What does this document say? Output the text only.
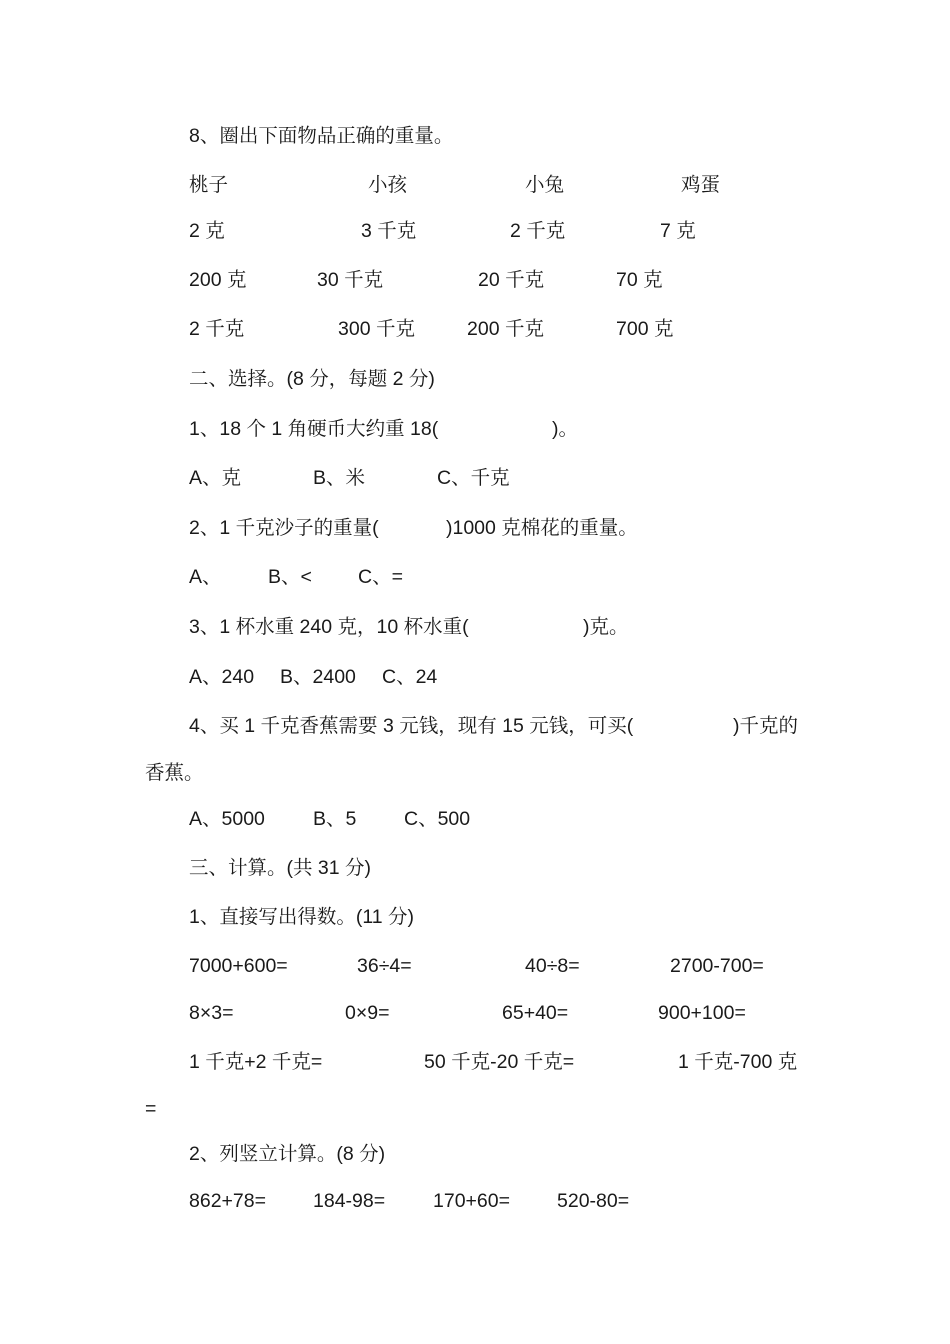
8、圈出下面物品正确的重量。
桃子	小孩	小兔	鸡蛋
2 克	3 千克	2 千克	7 克
200 克	30 千克	20 千克	70 克
2 千克	300 千克	200 千克	700 克
二、选择。(8 分，每题 2 分)
1、18 个 1 角硬币大约重 18(	)。
A、克	B、米	C、千克
2、1 千克沙子的重量(	)1000 克棉花的重量。
A、 B、< C、=
3、1 杯水重 240 克，10 杯水重(	)克。
A、240 B、2400 C、24
4、买 1 千克香蕉需要 3 元钱，现有 15 元钱，可买(	)千克的
香蕉。
A、5000 B、5 C、500
三、计算。(共 31 分)
1、直接写出得数。(11 分)
7000+600=	36÷4=	40÷8=	2700-700=
8×3=	0×9=	65+40=	900+100=
1 千克+2 千克=	50 千克-20 千克=	1 千克-700 克
=
2、列竖立计算。(8 分)
862+78= 184-98= 170+60= 520-80=
